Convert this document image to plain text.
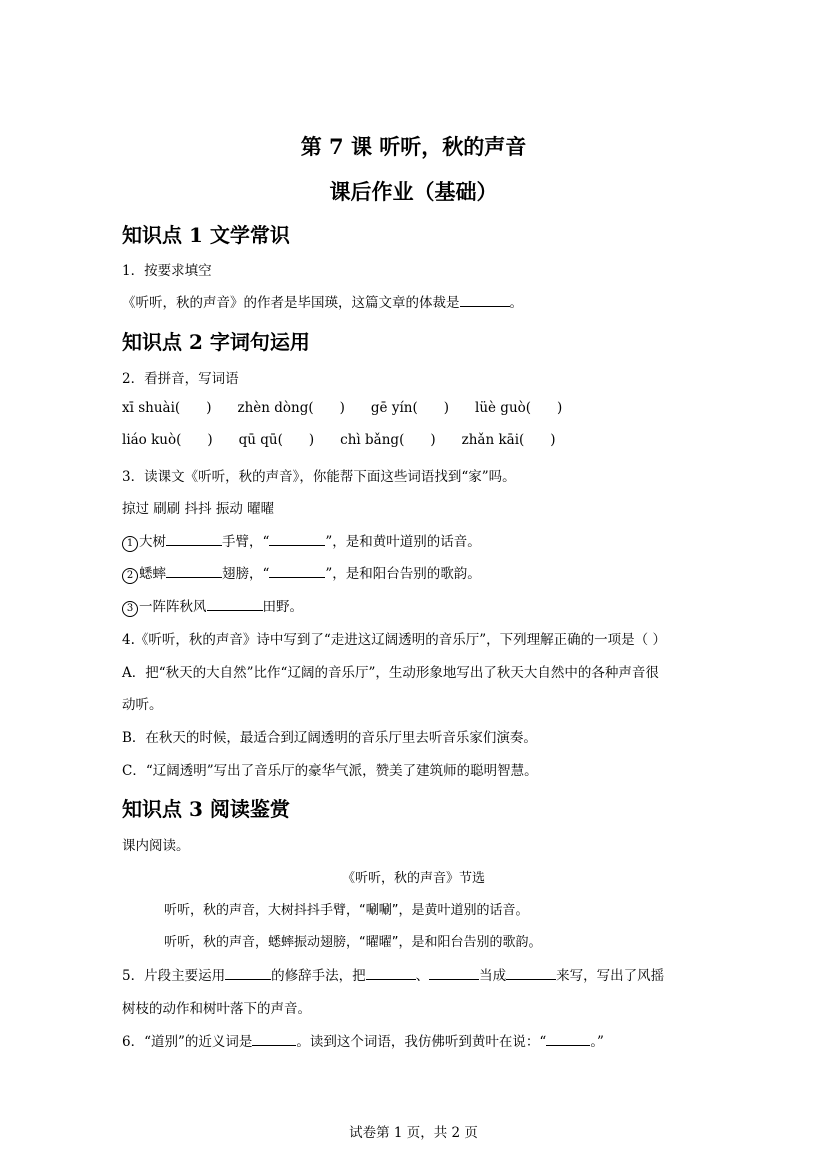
第 7 课 听听，秋的声音
课后作业（基础）
知识点 1 文学常识
1．按要求填空
《听听，秋的声音》的作者是毕国瑛，这篇文章的体裁是	。
知识点 2 字词句运用
2．看拼音，写词语
xī shuài( ) zhèn dòng( ) gē yín( ) lüè guò( )
liáo kuò( ) qū qū( ) chì bǎng( ) zhǎn kāi( )
3．读课文《听听，秋的声音》，你能帮下面这些词语找到“家”吗。
掠过 刷刷 抖抖 振动 曜曜
1 大树	手臂，“	”，是和黄叶道别的话音。
2 蟋蟀	翅膀，“	”，是和阳台告别的歌韵。
3 一阵阵秋风	田野。
4.《听听，秋的声音》诗中写到了“走进这辽阔透明的音乐厅”，下列理解正确的一项是（ ）
A．把“秋天的大自然”比作“辽阔的音乐厅”，生动形象地写出了秋天大自然中的各种声音很
动听。
B．在秋天的时候，最适合到辽阔透明的音乐厅里去听音乐家们演奏。
C．“辽阔透明”写出了音乐厅的豪华气派，赞美了建筑师的聪明智慧。
知识点 3 阅读鉴赏
课内阅读。
《听听，秋的声音》节选
听听，秋的声音，大树抖抖手臂，“唰唰”，是黄叶道别的话音。
听听，秋的声音，蟋蟀振动翅膀，“曜曜”，是和阳台告别的歌韵。
5．片段主要运用	的修辞手法，把	、	当成	来写，写出了风摇
树枝的动作和树叶落下的声音。
6．“道别”的近义词是	。读到这个词语，我仿佛听到黄叶在说：“	。”
试卷第 1 页，共 2 页
